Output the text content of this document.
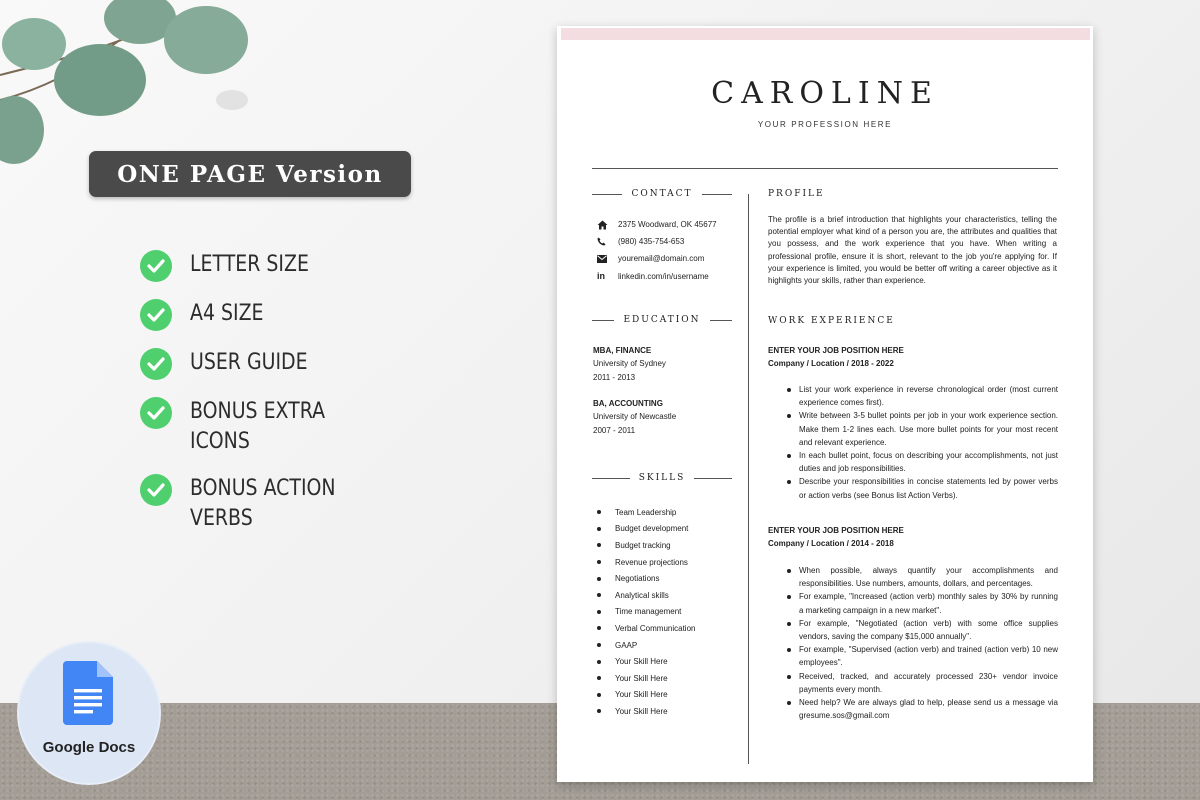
ONE PAGE Version
LETTER SIZE
A4 SIZE
USER GUIDE
BONUS EXTRA
ICONS
BONUS ACTION
VERBS
Google Docs
CAROLINE
YOUR PROFESSION HERE
CONTACT
2375 Woodward, OK 45677
(980) 435-754-653
youremail@domain.com
in linkedin.com/in/username
EDUCATION
MBA, FINANCE
University of Sydney
2011 - 2013
BA, ACCOUNTING
University of Newcastle
2007 - 2011
SKILLS
Team Leadership
Budget development
Budget tracking
Revenue projections
Negotiations
Analytical skills
Time management
Verbal Communication
GAAP
Your Skill Here
Your Skill Here
Your Skill Here
Your Skill Here
PROFILE
The profile is a brief introduction that highlights your characteristics, telling the potential employer what kind of a person you are, the attributes and qualities that you possess, and the work experience that you have. When writing a professional profile, ensure it is short, relevant to the job you're applying for. If your experience is limited, you would be better off writing a career objective as it highlights your skills, rather than experience.
WORK EXPERIENCE
ENTER YOUR JOB POSITION HERE
Company / Location / 2018 - 2022
List your work experience in reverse chronological order (most current experience comes first).
Write between 3-5 bullet points per job in your work experience section. Make them 1-2 lines each. Use more bullet points for your most recent and relevant experience.
In each bullet point, focus on describing your accomplishments, not just duties and job responsibilities.
Describe your responsibilities in concise statements led by power verbs or action verbs (see Bonus list Action Verbs).
ENTER YOUR JOB POSITION HERE
Company / Location / 2014 - 2018
When possible, always quantify your accomplishments and responsibilities. Use numbers, amounts, dollars, and percentages.
For example, "Increased (action verb) monthly sales by 30% by running a marketing campaign in a new market".
For example, "Negotiated (action verb) with some office supplies vendors, saving the company $15,000 annually".
For example, "Supervised (action verb) and trained (action verb) 10 new employees".
Received, tracked, and accurately processed 230+ vendor invoice payments every month.
Need help? We are always glad to help, please send us a message via gresume.sos@gmail.com
